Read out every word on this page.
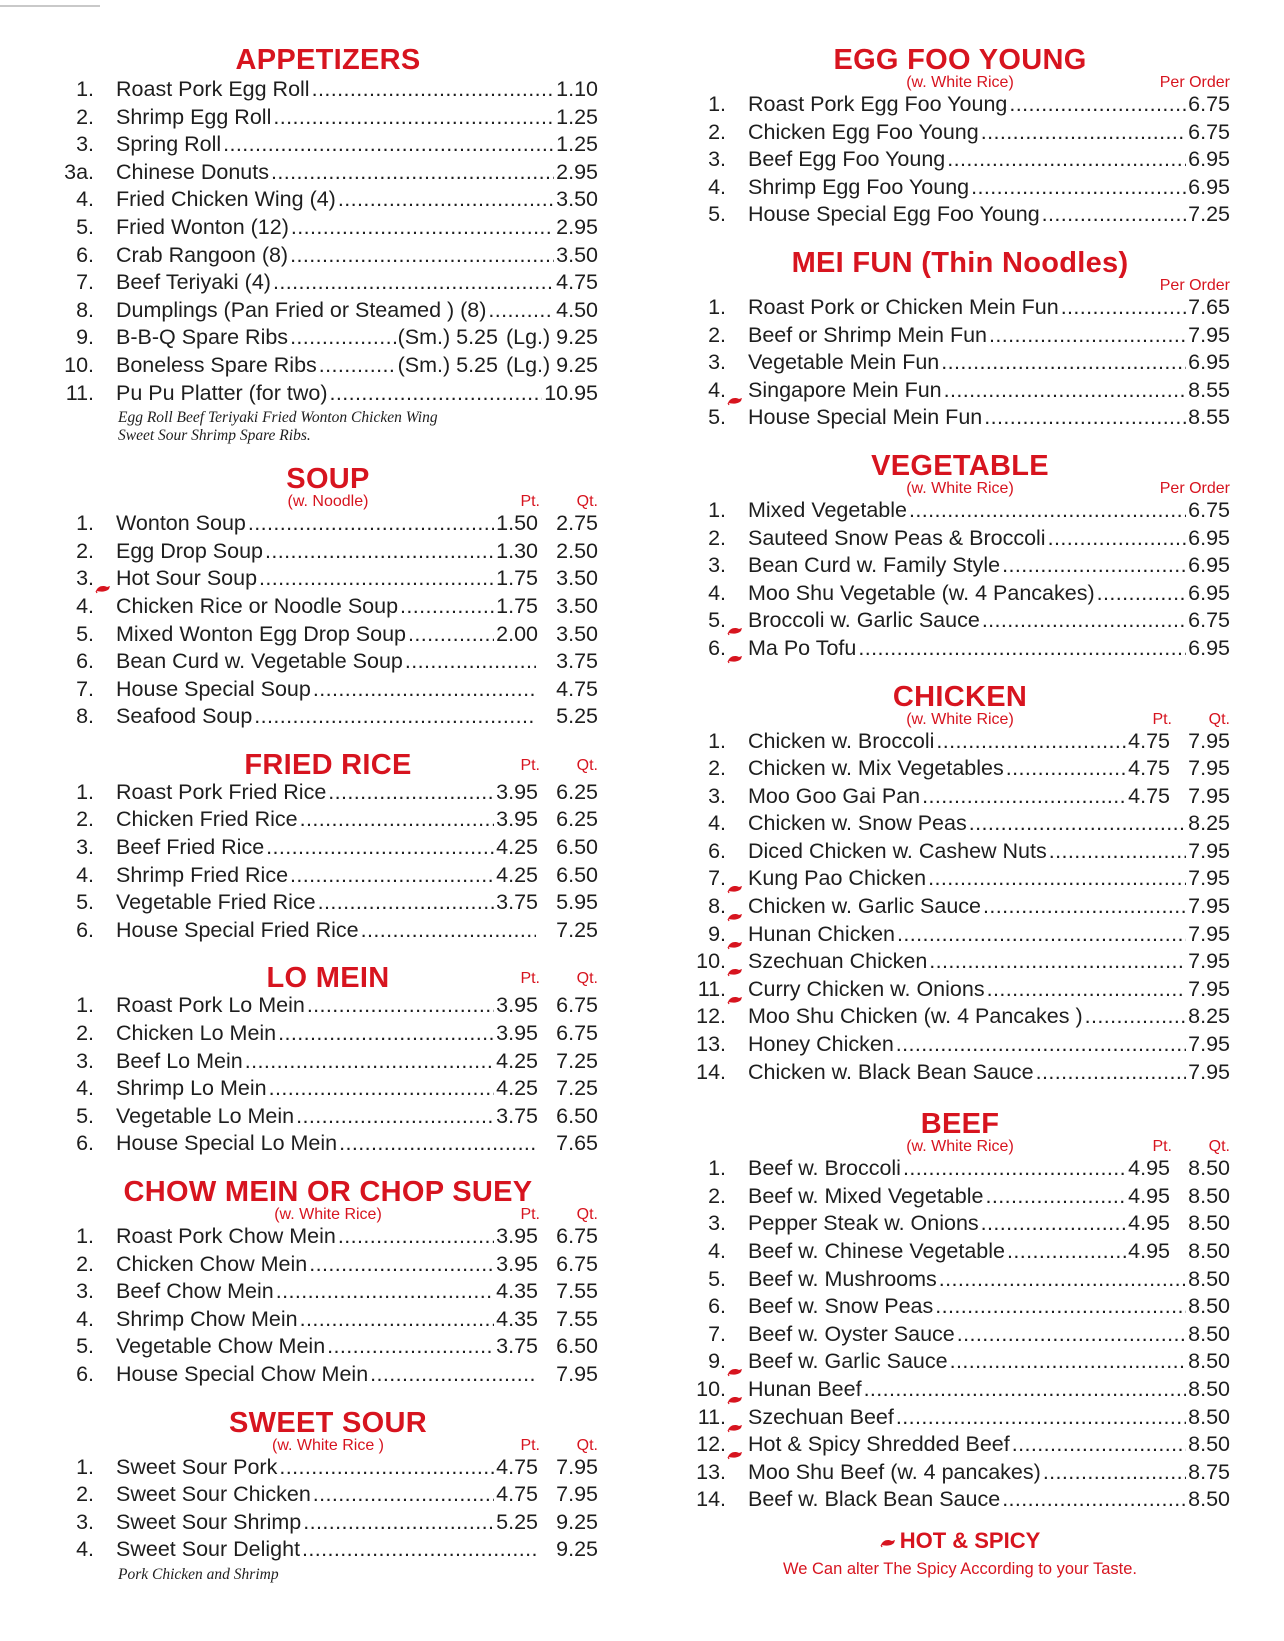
APPETIZERS
1. Roast Pork Egg Roll .....	1.10
2. Shrimp Egg Roll .....	1.25
3. Spring Roll .....	1.25
3a. Chinese Donuts .....	2.95
4. Fried Chicken Wing (4) .....	3.50
5. Fried Wonton (12) .....	2.95
6. Crab Rangoon (8) .....	3.50
7. Beef Teriyaki (4) .....	4.75
8. Dumplings (Pan Fried or Steamed ) (8) .....	4.50
9. B-B-Q Spare Ribs .....	(Sm.) 5.25 (Lg.) 9.25
10. Boneless Spare Ribs .....	(Sm.) 5.25 (Lg.) 9.25
11. Pu Pu Platter (for two) .....	10.95
Egg Roll Beef Teriyaki Fried Wonton Chicken Wing
Sweet Sour Shrimp Spare Ribs.
SOUP
(w. Noodle)	Pt. Qt.
1. Wonton Soup .....	1.50 2.75
2. Egg Drop Soup .....	1.30 2.50
3. Hot Sour Soup .....	1.75 3.50
4. Chicken Rice or Noodle Soup .....	1.75 3.50
5. Mixed Wonton Egg Drop Soup .....	2.00 3.50
6. Bean Curd w. Vegetable Soup .....	3.75
7. House Special Soup .....	4.75
8. Seafood Soup .....	5.25
FRIED RICE	Pt. Qt.
1. Roast Pork Fried Rice .....	3.95 6.25
2. Chicken Fried Rice .....	3.95 6.25
3. Beef Fried Rice .....	4.25 6.50
4. Shrimp Fried Rice .....	4.25 6.50
5. Vegetable Fried Rice .....	3.75 5.95
6. House Special Fried Rice .....	7.25
LO MEIN	Pt. Qt.
1. Roast Pork Lo Mein .....	3.95 6.75
2. Chicken Lo Mein .....	3.95 6.75
3. Beef Lo Mein .....	4.25 7.25
4. Shrimp Lo Mein .....	4.25 7.25
5. Vegetable Lo Mein .....	3.75 6.50
6. House Special Lo Mein .....	7.65
CHOW MEIN OR CHOP SUEY
(w. White Rice)	Pt. Qt.
1. Roast Pork Chow Mein .....	3.95 6.75
2. Chicken Chow Mein .....	3.95 6.75
3. Beef Chow Mein .....	4.35 7.55
4. Shrimp Chow Mein .....	4.35 7.55
5. Vegetable Chow Mein .....	3.75 6.50
6. House Special Chow Mein .....	7.95
SWEET SOUR
(w. White Rice )	Pt. Qt.
1. Sweet Sour Pork .....	4.75 7.95
2. Sweet Sour Chicken .....	4.75 7.95
3. Sweet Sour Shrimp .....	5.25 9.25
4. Sweet Sour Delight .....	9.25
Pork Chicken and Shrimp
EGG FOO YOUNG
(w. White Rice)	Per Order
1. Roast Pork Egg Foo Young .....	6.75
2. Chicken Egg Foo Young .....	6.75
3. Beef Egg Foo Young .....	6.95
4. Shrimp Egg Foo Young .....	6.95
5. House Special Egg Foo Young .....	7.25
MEI FUN (Thin Noodles)
Per Order
1. Roast Pork or Chicken Mein Fun .....	7.65
2. Beef or Shrimp Mein Fun .....	7.95
3. Vegetable Mein Fun .....	6.95
4. Singapore Mein Fun .....	8.55
5. House Special Mein Fun .....	8.55
VEGETABLE
(w. White Rice)	Per Order
1. Mixed Vegetable .....	6.75
2. Sauteed Snow Peas & Broccoli .....	6.95
3. Bean Curd w. Family Style .....	6.95
4. Moo Shu Vegetable (w. 4 Pancakes) .....	6.95
5. Broccoli w. Garlic Sauce .....	6.75
6. Ma Po Tofu .....	6.95
CHICKEN
(w. White Rice)	Pt. Qt.
1. Chicken w. Broccoli .....	4.75 7.95
2. Chicken w. Mix Vegetables .....	4.75 7.95
3. Moo Goo Gai Pan .....	4.75 7.95
4. Chicken w. Snow Peas .....	8.25
6. Diced Chicken w. Cashew Nuts .....	7.95
7. Kung Pao Chicken .....	7.95
8. Chicken w. Garlic Sauce .....	7.95
9. Hunan Chicken .....	7.95
10. Szechuan Chicken .....	7.95
11. Curry Chicken w. Onions .....	7.95
12. Moo Shu Chicken (w. 4 Pancakes ) .....	8.25
13. Honey Chicken .....	7.95
14. Chicken w. Black Bean Sauce .....	7.95
BEEF
(w. White Rice)	Pt. Qt.
1. Beef w. Broccoli .....	4.95 8.50
2. Beef w. Mixed Vegetable .....	4.95 8.50
3. Pepper Steak w. Onions .....	4.95 8.50
4. Beef w. Chinese Vegetable .....	4.95 8.50
5. Beef w. Mushrooms .....	8.50
6. Beef w. Snow Peas .....	8.50
7. Beef w. Oyster Sauce .....	8.50
9. Beef w. Garlic Sauce .....	8.50
10. Hunan Beef .....	8.50
11. Szechuan Beef .....	8.50
12. Hot & Spicy Shredded Beef .....	8.50
13. Moo Shu Beef (w. 4 pancakes) .....	8.75
14. Beef w. Black Bean Sauce .....	8.50
HOT & SPICY
We Can alter The Spicy According to your Taste.
